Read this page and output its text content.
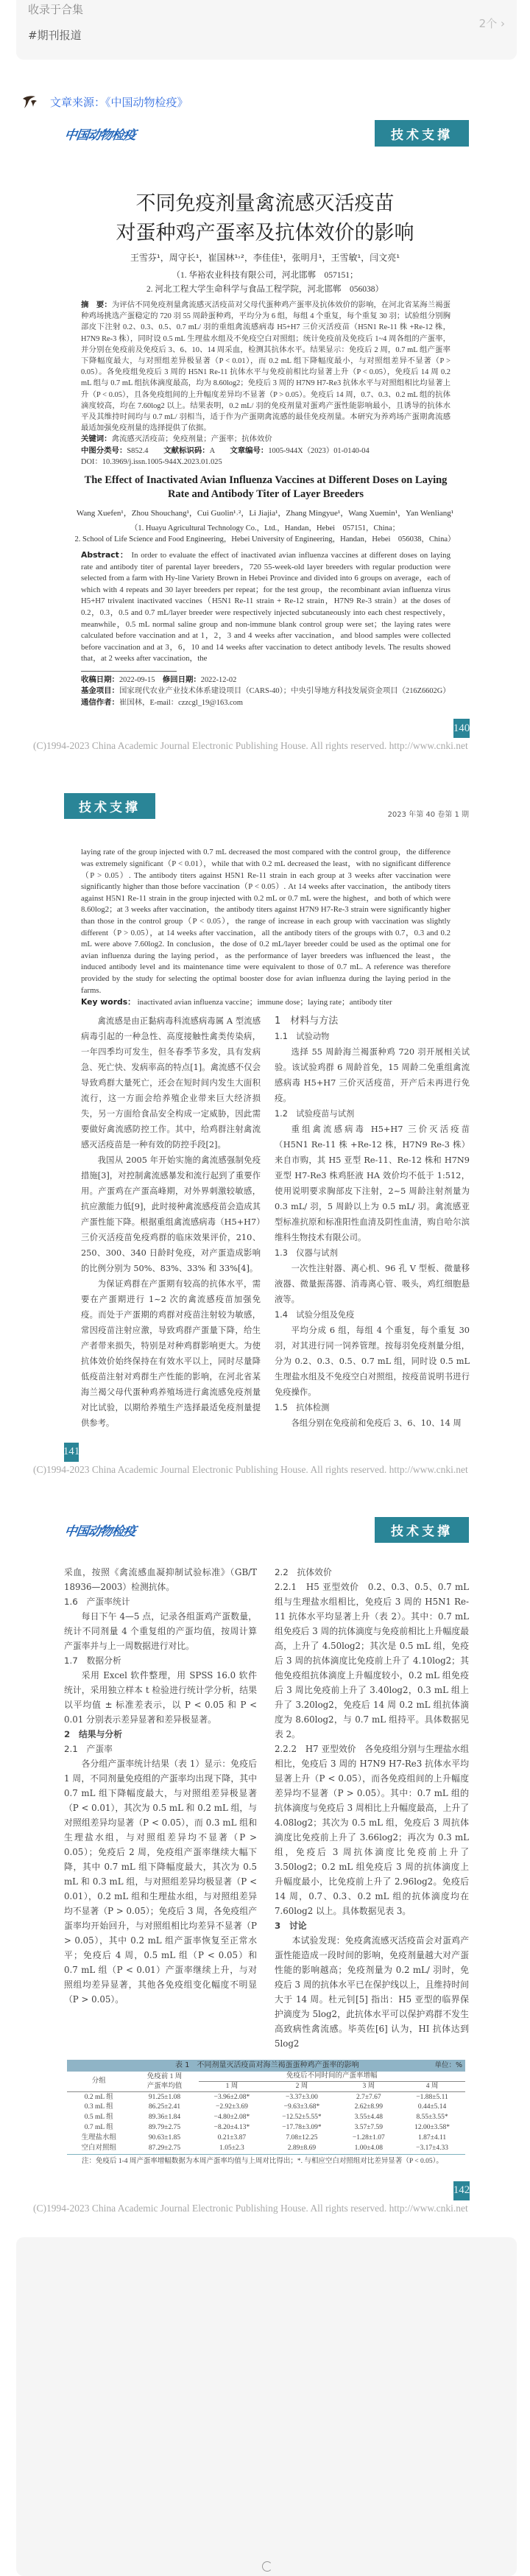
收录于合集
#期刊报道
2个 ›
文章来源：《中国动物检疫》
中国动物检疫	技术支撑
不同免疫剂量禽流感灭活疫苗
对蛋种鸡产蛋率及抗体效价的影响
王雪芬¹，周守长¹，崔国林¹˒²，李佳佳¹，张明月¹，王雪敏¹，闫文亮¹
（1. 华裕农业科技有限公司，河北邯郸　057151；
2. 河北工程大学生命科学与食品工程学院，河北邯郸　056038）
摘　要：为评估不同免疫剂量禽流感灭活疫苗对父母代蛋种鸡产蛋率及抗体效价的影响，在河北省某海兰褐蛋种鸡场挑选产蛋稳定的 720 羽 55 周龄蛋种鸡，平均分为 6 组，每组 4 个重复，每个重复 30 羽；试验组分别胸部皮下注射 0.2、0.3、0.5、0.7 mL/ 羽的重组禽流感病毒 H5+H7 三价灭活疫苗（H5N1 Re-11 株 +Re-12 株，H7N9 Re-3 株），同时设 0.5 mL 生理盐水组及不免疫空白对照组；统计免疫前及免疫后 1~4 周各组的产蛋率，并分别在免疫前及免疫后 3、6、10、14 周采血，检测其抗体水平。结果显示：免疫后 2 周，0.7 mL 组产蛋率下降幅度最大，与对照组差异极显著（P < 0.01），而 0.2 mL 组下降幅度最小，与对照组差异不显著（P > 0.05）。各免疫组免疫后 3 周的 H5N1 Re-11 抗体水平与免疫前相比均显著上升（P < 0.05），免疫后 14 周 0.2 mL 组与 0.7 mL 组抗体滴度最高，均为 8.60log2；免疫后 3 周的 H7N9 H7-Re3 抗体水平与对照组相比均显著上升（P < 0.05），且各免疫组间的上升幅度差异均不显著（P > 0.05）。免疫后 14 周，0.7、0.3、0.2 mL 组的抗体滴度较高，均在 7.60log2 以上。结果表明，0.2 mL/ 羽的免疫剂量对蛋鸡产蛋性能影响最小，且诱导的抗体水平及其维持时间均与 0.7 mL/ 羽相当，适于作为产蛋期禽流感的最佳免疫剂量。本研究为养鸡场产蛋期禽流感最适加强免疫剂量的选择提供了依据。
关键词：禽流感灭活疫苗；免疫剂量；产蛋率；抗体效价
中图分类号：S852.4　　 文献标识码：A　　 文章编号：1005-944X（2023）01-0140-04
DOI：10.3969/j.issn.1005-944X.2023.01.025
The Effect of Inactivated Avian Influenza Vaccines at Different Doses on Laying Rate and Antibody Titer of Layer Breeders
Wang Xuefen¹，Zhou Shouchang¹，Cui Guolin¹˒²，Li Jiajia¹，Zhang Mingyue¹，Wang Xuemin¹，Yan Wenliang¹
（1. Huayu Agricultural Technology Co.，Ltd.，Handan，Hebei　057151，China；
2. School of Life Science and Food Engineering，Hebei University of Engineering，Handan，Hebei　056038，China）
Abstract： In order to evaluate the effect of inactivated avian influenza vaccines at different doses on laying rate and antibody titer of parental layer breeders，720 55-week-old layer breeders with regular production were selected from a farm with Hy-line Variety Brown in Hebei Province and divided into 6 groups on average，each of which with 4 repeats and 30 layer breeders per repeat；for the test group，the recombinant avian influenza virus H5+H7 trivalent inactivated vaccines（H5N1 Re-11 strain + Re-12 strain，H7N9 Re-3 strain）at the doses of 0.2，0.3，0.5 and 0.7 mL/layer breeder were respectively injected subcutaneously into each chest respectively，meanwhile，0.5 mL normal saline group and non-immune blank control group were set；the laying rates were calculated before vaccination and at 1，2，3 and 4 weeks after vaccination，and blood samples were collected before vaccination and at 3，6，10 and 14 weeks after vaccination to detect antibody levels. The results showed that，at 2 weeks after vaccination，the
收稿日期：2022-09-15　 修回日期：2022-12-02
基金项目：国家现代农业产业技术体系建设项目（CARS-40）；中央引导地方科技发展资金项目（216Z6602G）
通信作者：崔国林，E-mail：czzcgl_19@163.com
140
(C)1994-2023 China Academic Journal Electronic Publishing House. All rights reserved. http://www.cnki.net
技术支撑	2023 年第 40 卷第 1 期
laying rate of the group injected with 0.7 mL decreased the most compared with the control group，the difference was extremely significant（P < 0.01），while that with 0.2 mL decreased the least，with no significant difference（P > 0.05）. The antibody titers against H5N1 Re-11 strain in each group at 3 weeks after vaccination were significantly higher than those before vaccination（P < 0.05）. At 14 weeks after vaccination，the antibody titers against H5N1 Re-11 strain in the group injected with 0.2 mL or 0.7 mL were the highest，and both of which were 8.60log2；at 3 weeks after vaccination，the antibody titers against H7N9 H7-Re-3 strain were significantly higher than those in the control group（P < 0.05），the range of increase in each group with vaccination was slightly different（P > 0.05），at 14 weeks after vaccination，all the antibody titers of the groups with 0.7，0.3 and 0.2 mL were above 7.60log2. In conclusion，the dose of 0.2 mL/layer breeder could be used as the optimal one for avian influenza during the laying period，as the performance of layer breeders was influenced the least，the induced antibody level and its maintenance time were equivalent to those of 0.7 mL. A reference was therefore provided by the study for selecting the optimal booster dose for avian influenza during the laying period in the farms.
Key words： inactivated avian influenza vaccine；immune dose；laying rate；antibody titer

禽流感是由正黏病毒科流感病毒属 A 型流感病毒引起的一种急性、高度接触性禽类传染病，一年四季均可发生，但冬春季节多发，具有发病急、死亡快、发病率高的特点[1]。禽流感不仅会导致鸡群大量死亡，还会在短时间内发生大面积流行，这一方面会给养殖企业带来巨大经济损失，另一方面给食品安全构成一定威胁，因此需要做好禽流感防控工作。其中，给鸡群注射禽流感灭活疫苗是一种有效的防控手段[2]。

我国从 2005 年开始实施的禽流感强制免疫措施[3]，对控制禽流感暴发和流行起到了重要作用。产蛋鸡在产蛋高峰期，对外界刺激较敏感，抗应激能力低[9]，此时接种禽流感疫苗会造成其产蛋性能下降。根据重组禽流感病毒（H5+H7）三价灭活疫苗免疫鸡群的临床效果评价，210、250、300、340 日龄时免疫，对产蛋造成影响的比例分别为 50%、83%、33% 和 33%[4]。

为保证鸡群在产蛋期有较高的抗体水平，需要在产蛋期进行 1~2 次的禽流感疫苗加强免疫。而处于产蛋期的鸡群对疫苗注射较为敏感，常因疫苗注射应激，导致鸡群产蛋量下降，给生产者带来损失，特别是对种鸡群影响更大。为使抗体效价始终保持在有效水平以上，同时尽量降低疫苗注射对鸡群生产性能的影响，在河北省某海兰褐父母代蛋种鸡养殖场进行禽流感免疫剂量对比试验，以期给养殖生产选择最适免疫剂量提供参考。

1　材料与方法
1.1　试验动物

选择 55 周龄海兰褐蛋种鸡 720 羽开展相关试验。该试验鸡群 6 周龄首免，15 周龄二免重组禽流感病毒 H5+H7 三价灭活疫苗，开产后未再进行免疫。

1.2　试验疫苗与试剂

重组禽流感病毒 H5+H7 三价灭活疫苗（H5N1 Re-11 株 +Re-12 株，H7N9 Re-3 株）来自市购，其 H5 亚型 Re-11、Re-12 株和 H7N9 亚型 H7-Re3 株鸡胚液 HA 效价均不低于 1:512，使用说明要求胸部皮下注射，2~5 周龄注射剂量为 0.3 mL/ 羽，5 周龄以上为 0.5 mL/ 羽。禽流感亚型标准抗原和标准阳性血清及阴性血清，购自哈尔滨维科生物技术有限公司。

1.3　仪器与试剂

一次性注射器、离心机、96 孔 V 型板、微量移液器、微量振荡器、消毒离心管、吸头，鸡红细胞悬液等。

1.4　试验分组及免疫

平均分成 6 组，每组 4 个重复，每个重复 30 羽，对其进行同一饲养管理。按每羽免疫剂量分组，分为 0.2、0.3、0.5、0.7 mL 组，同时设 0.5 mL 生理盐水组及不免疫空白对照组，按疫苗说明书进行免疫操作。

1.5　抗体检测

各组分别在免疫前和免疫后 3、6、10、14 周

141
(C)1994-2023 China Academic Journal Electronic Publishing House. All rights reserved. http://www.cnki.net
中国动物检疫	技术支撑
采血，按照《禽流感血凝抑制试验标准》（GB/T 18936—2003）检测抗体。
1.6　产蛋率统计

每日下午 4—5 点，记录各组蛋鸡产蛋数量，统计不同剂量 4 个重复组的产蛋均值，按周计算产蛋率并与上一周数据进行对比。

1.7　数据分析

采用 Excel 软件整理，用 SPSS 16.0 软件统计，采用独立样本 t 检验进行统计学分析，结果以平均值 ± 标准差表示，以 P < 0.05 和 P < 0.01 分别表示差异显著和差异极显著。

2　结果与分析
2.1　产蛋率

各分组产蛋率统计结果（表 1）显示：免疫后 1 周，不同剂量免疫组的产蛋率均出现下降，其中 0.7 mL 组下降幅度最大，与对照组差异极显著（P < 0.01），其次为 0.5 mL 和 0.2 mL 组，与对照组差异均显著（P < 0.05），而 0.3 mL 组和生理盐水组，与对照组差异均不显著（P > 0.05）；免疫后 2 周，免疫组产蛋率继续大幅下降，其中 0.7 mL 组下降幅度最大，其次为 0.5 mL 和 0.3 mL 组，与对照组差异均极显著（P < 0.01），0.2 mL 组和生理盐水组，与对照组差异均不显著（P > 0.05）；免疫后 3 周，各免疫组产蛋率均开始回升，与对照组相比均差异不显著（P > 0.05），其中 0.2 mL 组产蛋率恢复至正常水平；免疫后 4 周，0.5 mL 组（P < 0.05）和 0.7 mL 组（P < 0.01）产蛋率继续上升，与对照组均差异显著，其他各免疫组变化幅度不明显（P > 0.05）。

2.2　抗体效价
2.2.1　H5 亚型效价　 0.2、0.3、0.5、0.7 mL 组与生理盐水组相比，免疫后 3 周的 H5N1 Re-11 抗体水平均显著上升（表 2）。其中：0.7 mL 组免疫后 3 周的抗体滴度与免疫前相比上升幅度最高，上升了 4.50log2；其次是 0.5 mL 组，免疫后 3 周的抗体滴度比免疫前上升了 4.10log2；其他免疫组抗体滴度上升幅度较小，0.2 mL 组免疫后 3 周比免疫前上升了 3.40log2，0.3 mL 组上升了 3.20log2，免疫后 14 周 0.2 mL 组抗体滴度为 8.60log2，与 0.7 mL 组持平。具体数据见表 2。
2.2.2　H7 亚型效价　 各免疫组分别与生理盐水组相比，免疫后 3 周的 H7N9 H7-Re3 抗体水平均显著上升（P < 0.05），而各免疫组间的上升幅度差异均不显著（P > 0.05）。其中：0.7 mL 组的抗体滴度与免疫后 3 周相比上升幅度最高，上升了 4.08log2；其次为 0.5 mL 组，免疫后 3 周抗体滴度比免疫前上升了 3.66log2；再次为 0.3 mL 组，免疫后 3 周抗体滴度比免疫前上升了 3.50log2；0.2 mL 组免疫后 3 周的抗体滴度上升幅度最小，比免疫前上升了 2.96log2。免疫后 14 周，0.7、0.3、0.2 mL 组的抗体滴度均在 7.60log2 以上。具体数据见表 3。
3　讨论

本试验发现：免疫禽流感灭活疫苗会对蛋鸡产蛋性能造成一段时间的影响，免疫剂量越大对产蛋性能的影响越高；免疫剂量为 0.2 mL/ 羽时，免疫后 3 周的抗体水平已在保护线以上，且维持时间大于 14 周。杜元钊[5] 指出：H5 亚型的临界保护滴度为 5log2，此抗体水平可以保护鸡群不发生高致病性禽流感。毕英佐[6] 认为，HI 抗体达到 5log2

表 1　不同剂量灭活疫苗对海兰褐蛋蛋种鸡产蛋率的影响	单位：%
分组	免疫前 1 周产蛋率均值	免疫后不同时间的产蛋率增幅			
		1 周	2 周	3 周	4 周
0.2 mL 组	91.25±1.08	−3.96±2.08*	−3.37±3.00	2.7±7.67	−1.88±5.11
0.3 mL 组	86.25±2.41	−2.92±3.69	−9.63±3.68*	2.62±8.99	0.44±5.14
0.5 mL 组	89.36±1.84	−4.80±2.08*	−12.52±5.55*	3.55±4.48	8.55±3.55*
0.7 mL 组	89.79±2.75	−8.20±4.13*	−17.78±3.09*	3.57±7.59	12.00±3.58*
生理盐水组	90.63±1.85	0.21±3.87	7.08±12.25	−1.28±1.07	1.87±4.11
空白对照组	87.29±2.75	1.05±2.3	2.89±8.69	1.00±4.08	−3.17±4.33
注：免疫后 1-4 周产蛋率增幅数据为本周产蛋率均值与上周对比得出；*. 与相应空白对照组对比差异显著（P < 0.05）。
142
(C)1994-2023 China Academic Journal Electronic Publishing House. All rights reserved. http://www.cnki.net
